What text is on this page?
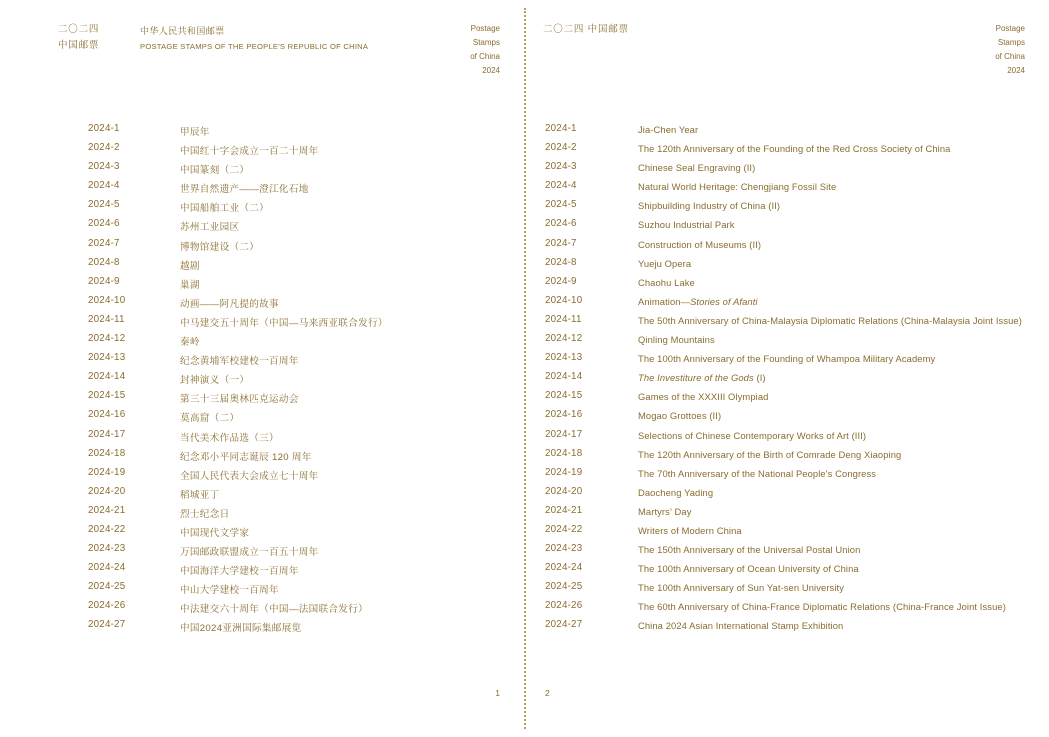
二〇二四
中国邮票
中华人民共和国邮票
POSTAGE STAMPS OF THE PEOPLE'S REPUBLIC OF CHINA
Postage
Stamps
of China
2024
2024-1	甲辰年
2024-2	中国红十字会成立一百二十周年
2024-3	中国篆刻（二）
2024-4	世界自然遗产——澄江化石地
2024-5	中国船舶工业（二）
2024-6	苏州工业园区
2024-7	博物馆建设（二）
2024-8	越剧
2024-9	巢湖
2024-10	动画——阿凡提的故事
2024-11	中马建交五十周年（中国—马来西亚联合发行）
2024-12	秦岭
2024-13	纪念黄埔军校建校一百周年
2024-14	封神演义（一）
2024-15	第三十三届奥林匹克运动会
2024-16	莫高窟（二）
2024-17	当代美术作品选（三）
2024-18	纪念邓小平同志诞辰 120 周年
2024-19	全国人民代表大会成立七十周年
2024-20	稻城亚丁
2024-21	烈士纪念日
2024-22	中国现代文学家
2024-23	万国邮政联盟成立一百五十周年
2024-24	中国海洋大学建校一百周年
2024-25	中山大学建校一百周年
2024-26	中法建交六十周年（中国—法国联合发行）
2024-27	中国2024亚洲国际集邮展览
1
二〇二四 中国邮票	Postage
Stamps
of China
2024
2024-1	Jia-Chen Year
2024-2	The 120th Anniversary of the Founding of the Red Cross Society of China
2024-3	Chinese Seal Engraving (II)
2024-4	Natural World Heritage: Chengjiang Fossil Site
2024-5	Shipbuilding Industry of China (II)
2024-6	Suzhou Industrial Park
2024-7	Construction of Museums (II)
2024-8	Yueju Opera
2024-9	Chaohu Lake
2024-10	Animation—Stories of Afanti
2024-11	The 50th Anniversary of China-Malaysia Diplomatic Relations (China-Malaysia Joint Issue)
2024-12	Qinling Mountains
2024-13	The 100th Anniversary of the Founding of Whampoa Military Academy
2024-14	The Investiture of the Gods (I)
2024-15	Games of the XXXIII Olympiad
2024-16	Mogao Grottoes (II)
2024-17	Selections of Chinese Contemporary Works of Art (III)
2024-18	The 120th Anniversary of the Birth of Comrade Deng Xiaoping
2024-19	The 70th Anniversary of the National People's Congress
2024-20	Daocheng Yading
2024-21	Martyrs' Day
2024-22	Writers of Modern China
2024-23	The 150th Anniversary of the Universal Postal Union
2024-24	The 100th Anniversary of Ocean University of China
2024-25	The 100th Anniversary of Sun Yat-sen University
2024-26	The 60th Anniversary of China-France Diplomatic Relations (China-France Joint Issue)
2024-27	China 2024 Asian International Stamp Exhibition
2
